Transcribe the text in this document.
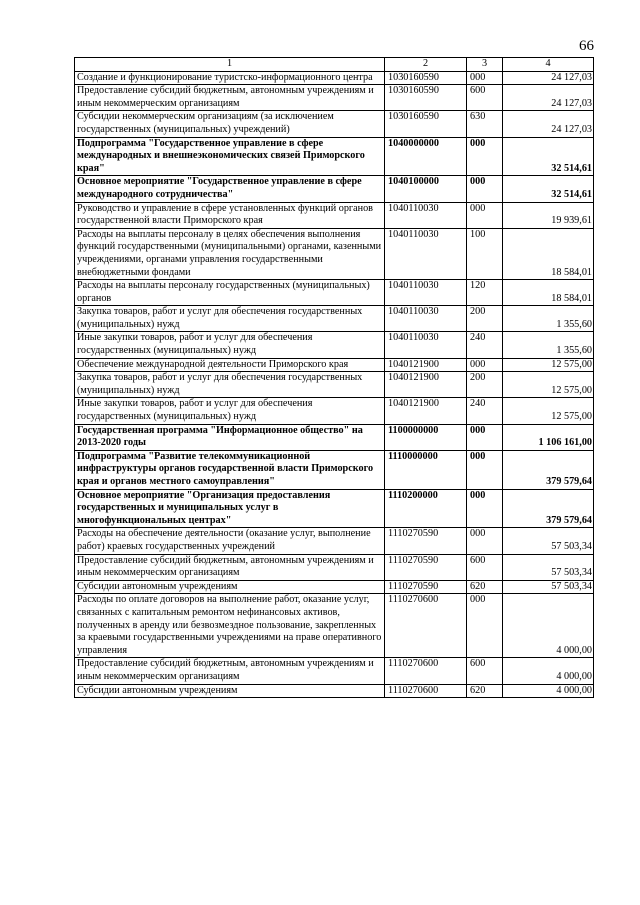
66
1	2	3	4
Создание и функционирование туристско-информационного центра	1030160590	000	24 127,03
Предоставление субсидий бюджетным, автономным учреждениям и иным некоммерческим организациям	1030160590	600	24 127,03
Субсидии некоммерческим организациям (за исключением государственных (муниципальных) учреждений)	1030160590	630	24 127,03
Подпрограмма "Государственное управление в сфере международных и внешнеэкономических связей Приморского края"	1040000000	000	32 514,61
Основное мероприятие "Государственное управление в сфере международного сотрудничества"	1040100000	000	32 514,61
Руководство и управление в сфере установленных функций органов государственной власти Приморского края	1040110030	000	19 939,61
Расходы на выплаты персоналу в целях обеспечения выполнения функций государственными (муниципальными) органами, казенными учреждениями, органами управления государственными внебюджетными фондами	1040110030	100	18 584,01
Расходы на выплаты персоналу государственных (муниципальных) органов	1040110030	120	18 584,01
Закупка товаров, работ и услуг для обеспечения государственных (муниципальных) нужд	1040110030	200	1 355,60
Иные закупки товаров, работ и услуг для обеспечения государственных (муниципальных) нужд	1040110030	240	1 355,60
Обеспечение международной деятельности Приморского края	1040121900	000	12 575,00
Закупка товаров, работ и услуг для обеспечения государственных (муниципальных) нужд	1040121900	200	12 575,00
Иные закупки товаров, работ и услуг для обеспечения государственных (муниципальных) нужд	1040121900	240	12 575,00
Государственная программа "Информационное общество" на 2013-2020 годы	1100000000	000	1 106 161,00
Подпрограмма "Развитие телекоммуникационной инфраструктуры органов государственной власти Приморского края и органов местного самоуправления"	1110000000	000	379 579,64
Основное мероприятие "Организация предоставления государственных и муниципальных услуг в многофункциональных центрах"	1110200000	000	379 579,64
Расходы на обеспечение деятельности (оказание услуг, выполнение работ) краевых государственных учреждений	1110270590	000	57 503,34
Предоставление субсидий бюджетным, автономным учреждениям и иным некоммерческим организациям	1110270590	600	57 503,34
Субсидии автономным учреждениям	1110270590	620	57 503,34
Расходы по оплате договоров на выполнение работ, оказание услуг, связанных с капитальным ремонтом нефинансовых активов, полученных в аренду или безвозмездное пользование, закрепленных за краевыми государственными учреждениями на праве оперативного управления	1110270600	000	4 000,00
Предоставление субсидий бюджетным, автономным учреждениям и иным некоммерческим организациям	1110270600	600	4 000,00
Субсидии автономным учреждениям	1110270600	620	4 000,00
